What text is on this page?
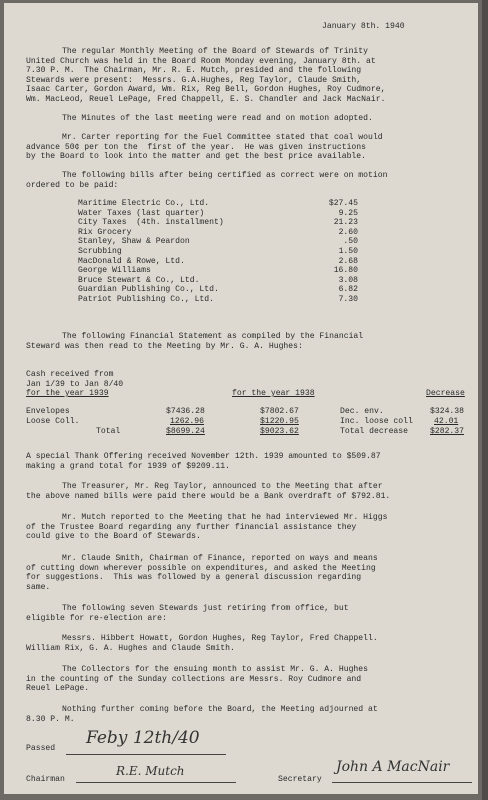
January 8th. 1940
The regular Monthly Meeting of the Board of Stewards of Trinity
United Church was held in the Board Room Monday evening, January 8th. at
7.30 P. M.  The Chairman, Mr. R. E. Mutch, presided and the following
Stewards were present:  Messrs. G.A.Hughes, Reg Taylor, Claude Smith,
Isaac Carter, Gordon Award, Wm. Rix, Reg Bell, Gordon Hughes, Roy Cudmore,
Wm. MacLeod, Reuel LePage, Fred Chappell, E. S. Chandler and Jack MacNair.
The Minutes of the last meeting were read and on motion adopted.
Mr. Carter reporting for the Fuel Committee stated that coal would
advance 50¢ per ton the  first of the year.  He was given instructions
by the Board to look into the matter and get the best price available.
The following bills after being certified as correct were on motion
ordered to be paid:
Maritime Electric Co., Ltd.	$27.45
Water Taxes (last quarter)	9.25
City Taxes  (4th. installment)	21.23
Rix Grocery	2.60
Stanley, Shaw & Peardon	.50
Scrubbing	1.50
MacDonald & Rowe, Ltd.	2.68
George Williams	16.80
Bruce Stewart & Co., Ltd.	3.08
Guardian Publishing Co., Ltd.	6.82
Patriot Publishing Co., Ltd.	7.30
The following Financial Statement as compiled by the Financial
Steward was then read to the Meeting by Mr. G. A. Hughes:
Cash received from
Jan 1/39 to Jan 8/40
for the year 1939	for the year 1938	Decrease
Envelopes	$7436.28	$7802.67	Dec. env.	$324.38
Loose Coll.	1262.96	$1220.95	Inc. loose coll	42.01
Total	$8699.24	$9023.62	Total decrease	$282.37
A special Thank Offering received November 12th. 1939 amounted to $509.87
making a grand total for 1939 of $9209.11.
The Treasurer, Mr. Reg Taylor, announced to the Meeting that after
the above named bills were paid there would be a Bank overdraft of $792.81.
Mr. Mutch reported to the Meeting that he had interviewed Mr. Higgs
of the Trustee Board regarding any further financial assistance they
could give to the Board of Stewards.
Mr. Claude Smith, Chairman of Finance, reported on ways and means
of cutting down wherever possible on expenditures, and asked the Meeting
for suggestions.  This was followed by a general discussion regarding
same.
The following seven Stewards just retiring from office, but
eligible for re-election are:
Messrs. Hibbert Howatt, Gordon Hughes, Reg Taylor, Fred Chappell.
William Rix, G. A. Hughes and Claude Smith.
The Collectors for the ensuing month to assist Mr. G. A. Hughes
in the counting of the Sunday collections are Messrs. Roy Cudmore and
Reuel LePage.
Nothing further coming before the Board, the Meeting adjourned at
8.30 P. M.
Passed
Feby 12th/40
Chairman
R.E. Mutch
Secretary
John A MacNair
